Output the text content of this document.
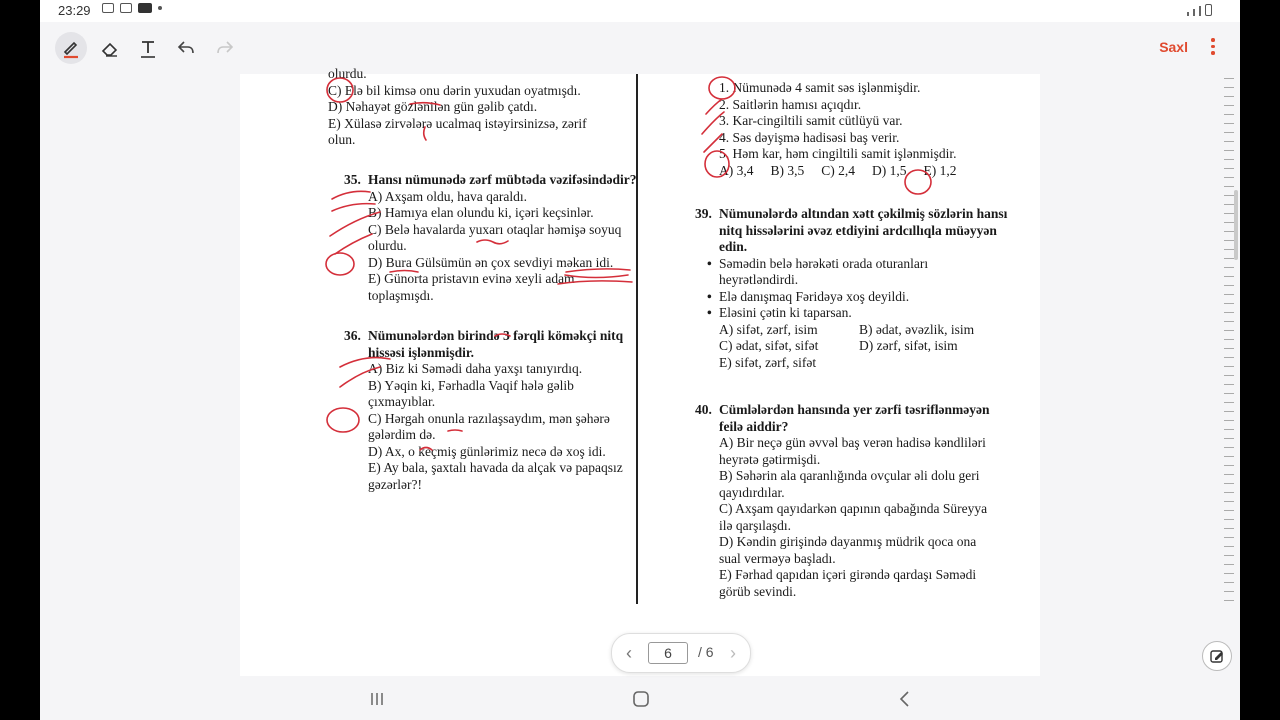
23:29
Saxl
olurdu.
C) Elə bil kimsə onu dərin yuxudan oyatmışdı.
D) Nəhayət gözlənilən gün gəlib çatdı.
E) Xülasə zirvələrə ucalmaq istəyirsinizsə, zərif
olun.
35. Hansı nümunədə zərf mübtəda vəzifəsindədir?
A) Axşam oldu, hava qaraldı.
B) Hamıya elan olundu ki, içəri keçsinlər.
C) Belə havalarda yuxarı otaqlar həmişə soyuq
olurdu.
D) Bura Gülsümün ən çox sevdiyi məkan idi.
E) Günorta pristavın evinə xeyli adam
toplaşmışdı.
36. Nümunələrdən birində 3 fərqli köməkçi nitq
hissəsi işlənmişdir.
A) Biz ki Səmədi daha yaxşı tanıyırdıq.
B) Yəqin ki, Fərhadla Vaqif hələ gəlib
çıxmayıblar.
C) Hərgah onunla razılaşsaydım, mən şəhərə
gələrdim də.
D) Ax, o keçmiş günlərimiz necə də xoş idi.
E) Ay bala, şaxtalı havada da alçak və papaqsız
gəzərlər?!
1. Nümunədə 4 samit səs işlənmişdir.
2. Saitlərin hamısı açıqdır.
3. Kar-cingiltili samit cütlüyü var.
4. Səs dəyişmə hadisəsi baş verir.
5. Həm kar, həm cingiltili samit işlənmişdir.
A) 3,4 B) 3,5 C) 2,4 D) 1,5 E) 1,2
39. Nümunələrdə altından xətt çəkilmiş sözlərin hansı
nitq hissələrini əvəz etdiyini ardcıllıqla müəyyən
edin.
• Səmədin belə hərəkəti orada oturanları
heyrətləndirdi.
• Elə danışmaq Fəridəyə xoş deyildi.
• Eləsini çətin ki taparsan.
A) sifət, zərf, isim	B) ədat, əvəzlik, isim
C) ədat, sifət, sifət	D) zərf, sifət, isim
E) sifət, zərf, sifət
40. Cümlələrdən hansında yer zərfi təsriflənməyən
feilə aiddir?
A) Bir neçə gün əvvəl baş verən hadisə kəndliləri
heyrətə gətirmişdi.
B) Səhərin ala qaranlığında ovçular əli dolu geri
qayıdırdılar.
C) Axşam qayıdarkən qapının qabağında Süreyya
ilə qarşılaşdı.
D) Kəndin girişində dayanmış müdrik qoca ona
sual verməyə başladı.
E) Fərhad qapıdan içəri girəndə qardaşı Səmədi
görüb sevindi.
‹	6	/ 6 ›
